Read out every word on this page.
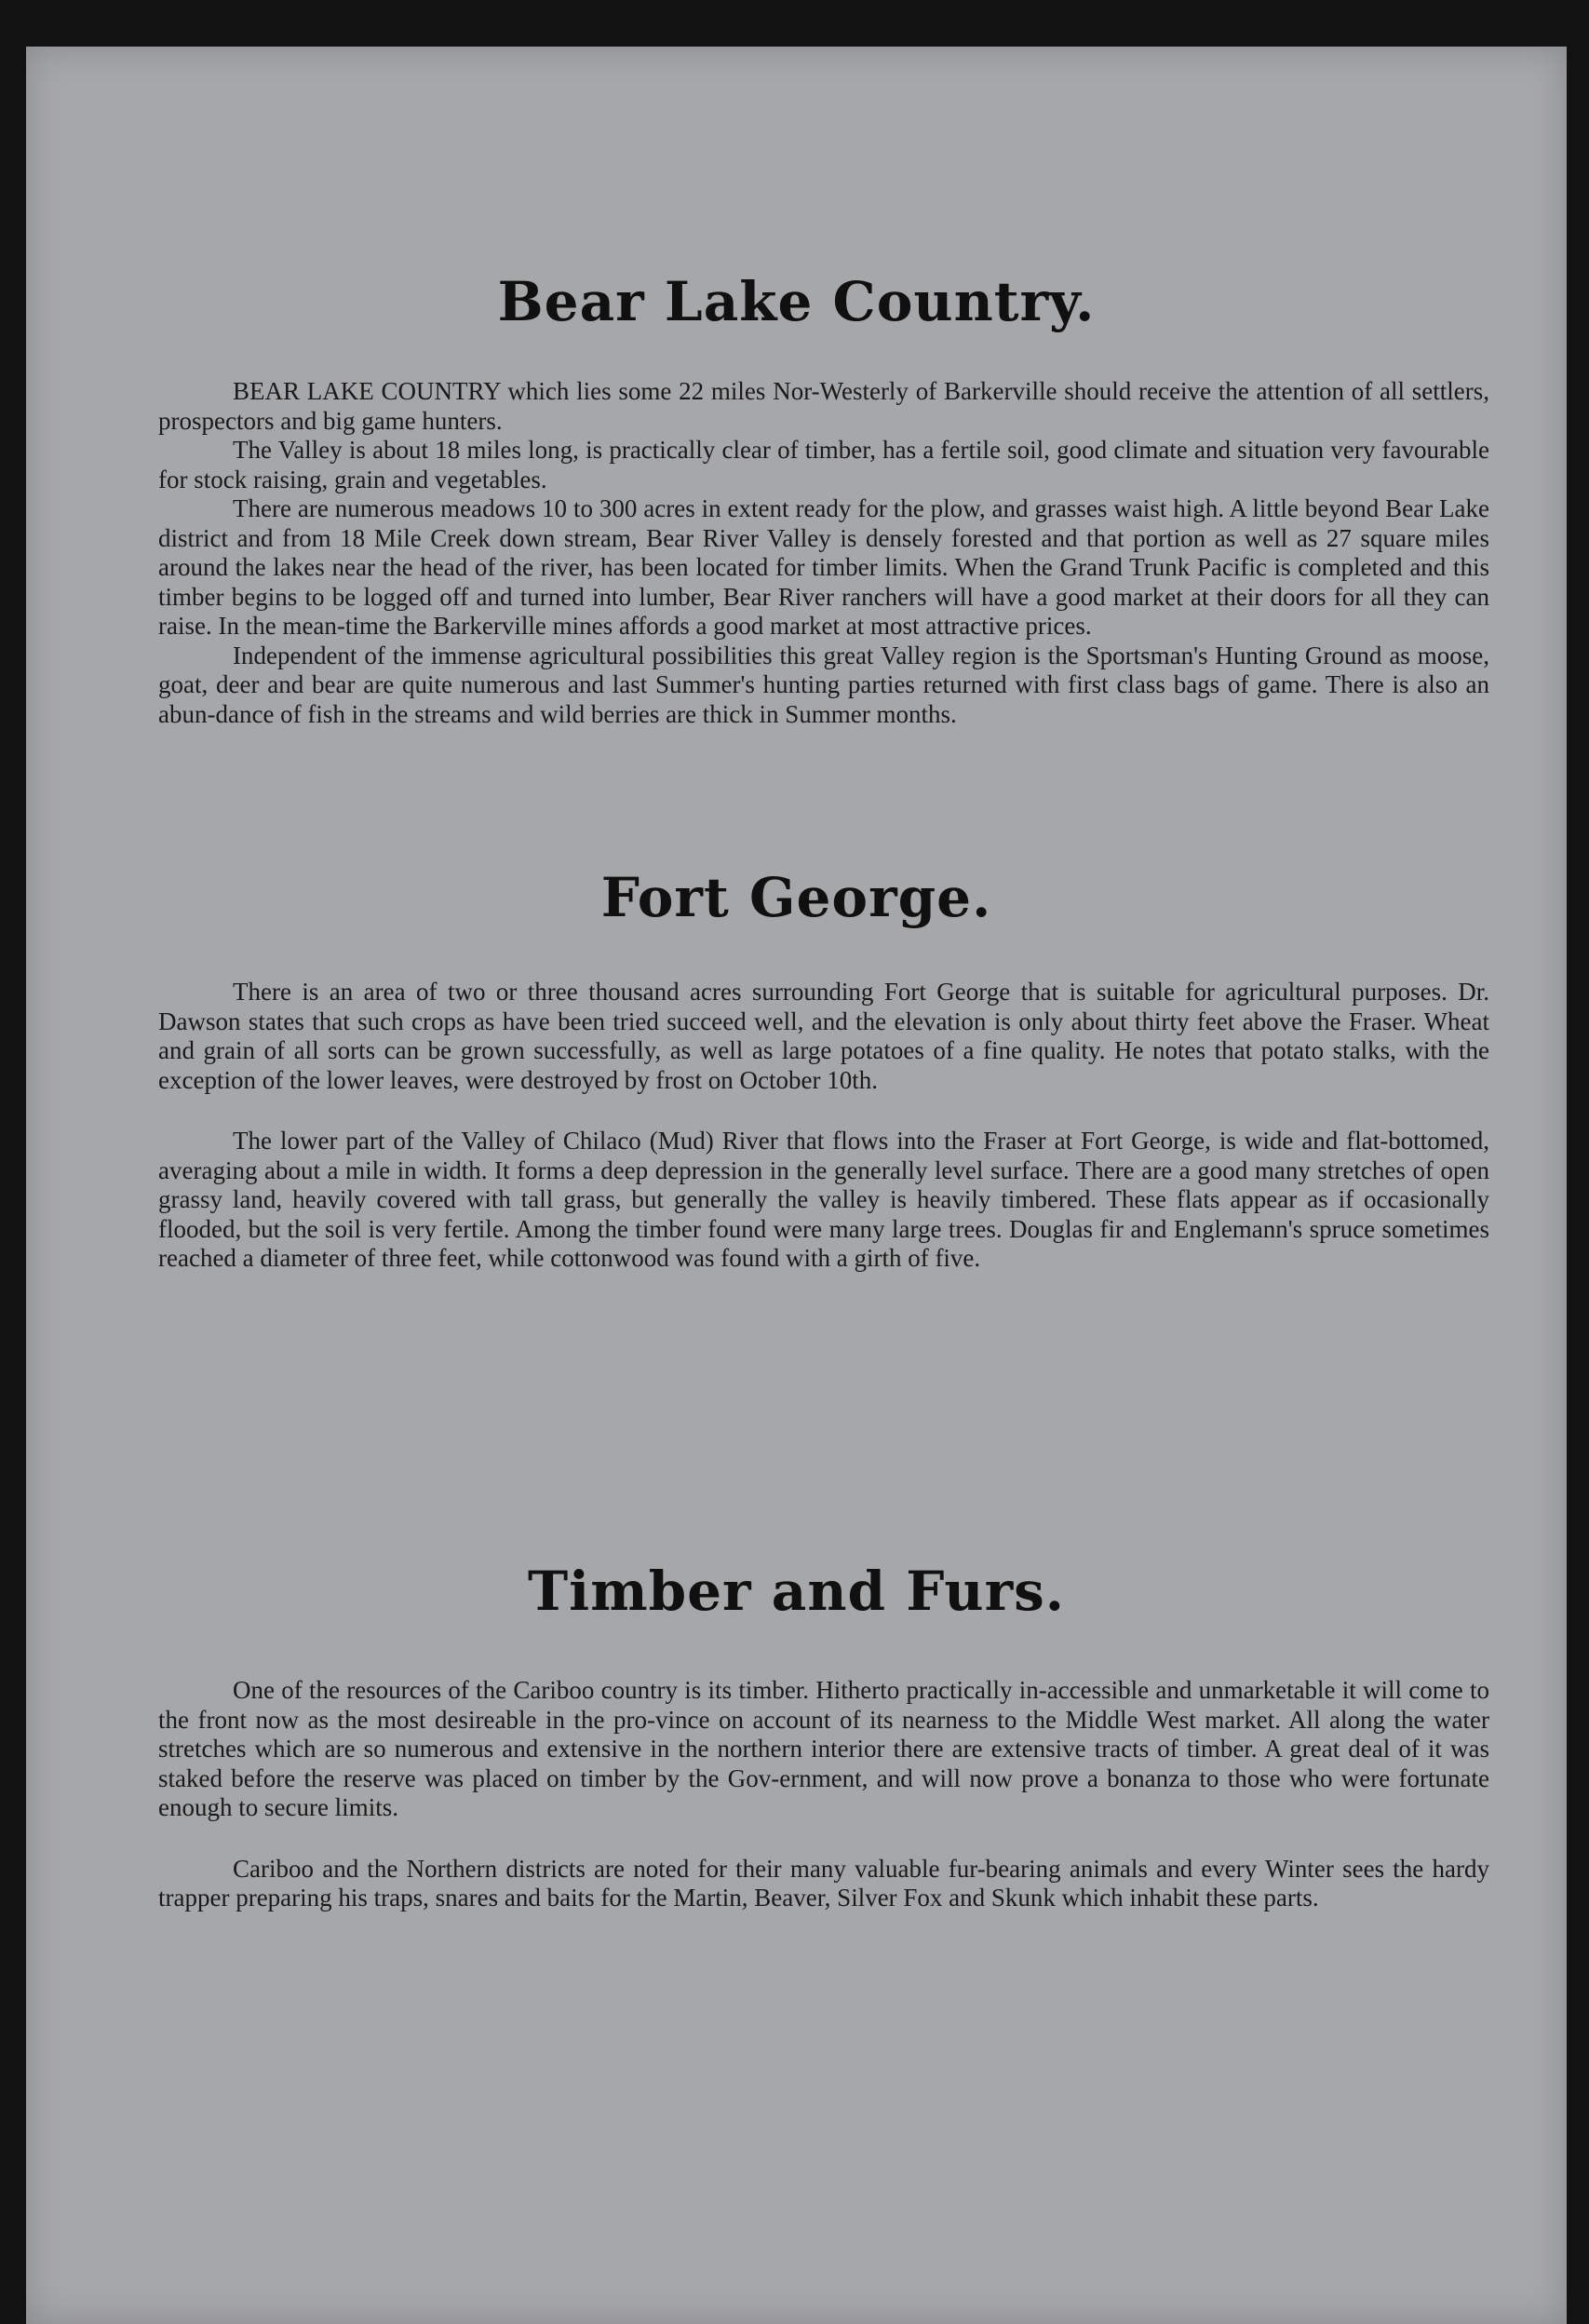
Bear Lake Country.

BEAR LAKE COUNTRY which lies some 22 miles Nor-Westerly of Barkerville should receive the attention of all settlers, prospectors and big game hunters.

The Valley is about 18 miles long, is practically clear of timber, has a fertile soil, good climate and situation very favourable for stock raising, grain and vegetables.

There are numerous meadows 10 to 300 acres in extent ready for the plow, and grasses waist high. A little beyond Bear Lake district and from 18 Mile Creek down stream, Bear River Valley is densely forested and that portion as well as 27 square miles around the lakes near the head of the river, has been located for timber limits. When the Grand Trunk Pacific is completed and this timber begins to be logged off and turned into lumber, Bear River ranchers will have a good market at their doors for all they can raise. In the mean-time the Barkerville mines affords a good market at most attractive prices.

Independent of the immense agricultural possibilities this great Valley region is the Sportsman's Hunting Ground as moose, goat, deer and bear are quite numerous and last Summer's hunting parties returned with first class bags of game. There is also an abun-dance of fish in the streams and wild berries are thick in Summer months.

Fort George.

There is an area of two or three thousand acres surrounding Fort George that is suitable for agricultural purposes. Dr. Dawson states that such crops as have been tried succeed well, and the elevation is only about thirty feet above the Fraser. Wheat and grain of all sorts can be grown successfully, as well as large potatoes of a fine quality. He notes that potato stalks, with the exception of the lower leaves, were destroyed by frost on October 10th.

The lower part of the Valley of Chilaco (Mud) River that flows into the Fraser at Fort George, is wide and flat-bottomed, averaging about a mile in width. It forms a deep depression in the generally level surface. There are a good many stretches of open grassy land, heavily covered with tall grass, but generally the valley is heavily timbered. These flats appear as if occasionally flooded, but the soil is very fertile. Among the timber found were many large trees. Douglas fir and Englemann's spruce sometimes reached a diameter of three feet, while cottonwood was found with a girth of five.

Timber and Furs.

One of the resources of the Cariboo country is its timber. Hitherto practically in-accessible and unmarketable it will come to the front now as the most desireable in the pro-vince on account of its nearness to the Middle West market. All along the water stretches which are so numerous and extensive in the northern interior there are extensive tracts of timber. A great deal of it was staked before the reserve was placed on timber by the Gov-ernment, and will now prove a bonanza to those who were fortunate enough to secure limits.

Cariboo and the Northern districts are noted for their many valuable fur-bearing animals and every Winter sees the hardy trapper preparing his traps, snares and baits for the Martin, Beaver, Silver Fox and Skunk which inhabit these parts.
